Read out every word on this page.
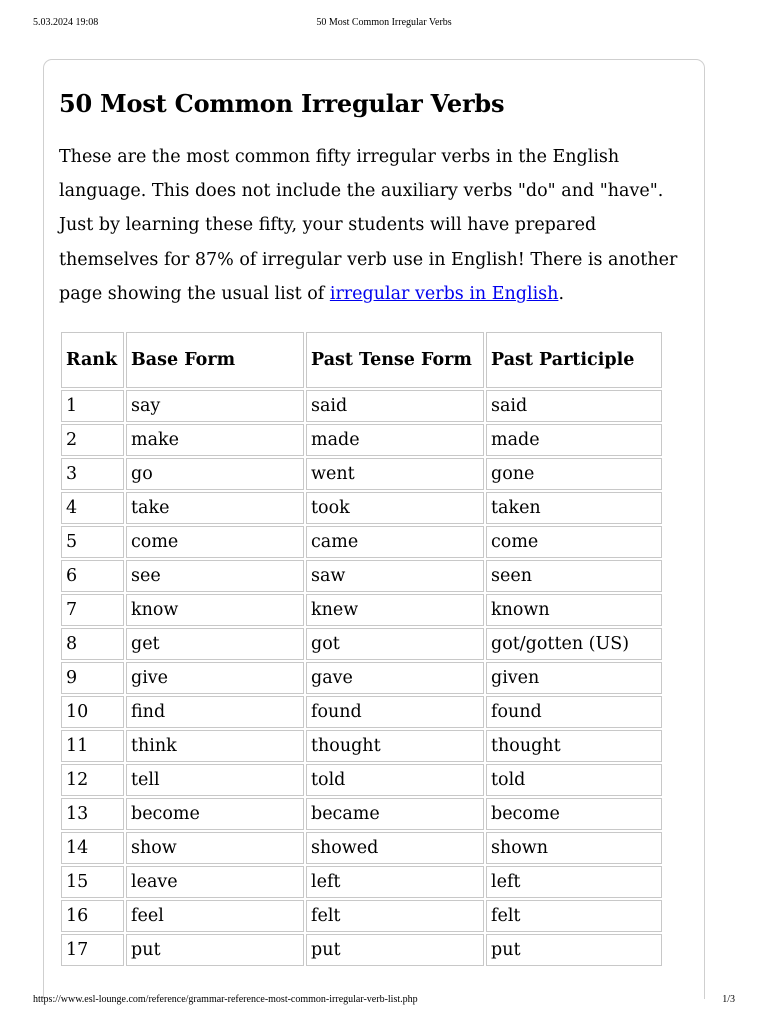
5.03.2024 19:08	50 Most Common Irregular Verbs
50 Most Common Irregular Verbs

These are the most common fifty irregular verbs in the English language. This does not include the auxiliary verbs "do" and "have". Just by learning these fifty, your students will have prepared themselves for 87% of irregular verb use in English! There is another page showing the usual list of irregular verbs in English.

Rank	Base Form	Past Tense Form	Past Participle
1	say	said	said
2	make	made	made
3	go	went	gone
4	take	took	taken
5	come	came	come
6	see	saw	seen
7	know	knew	known
8	get	got	got/gotten (US)
9	give	gave	given
10	find	found	found
11	think	thought	thought
12	tell	told	told
13	become	became	become
14	show	showed	shown
15	leave	left	left
16	feel	felt	felt
17	put	put	put
https://www.esl-lounge.com/reference/grammar-reference-most-common-irregular-verb-list.php	1/3
